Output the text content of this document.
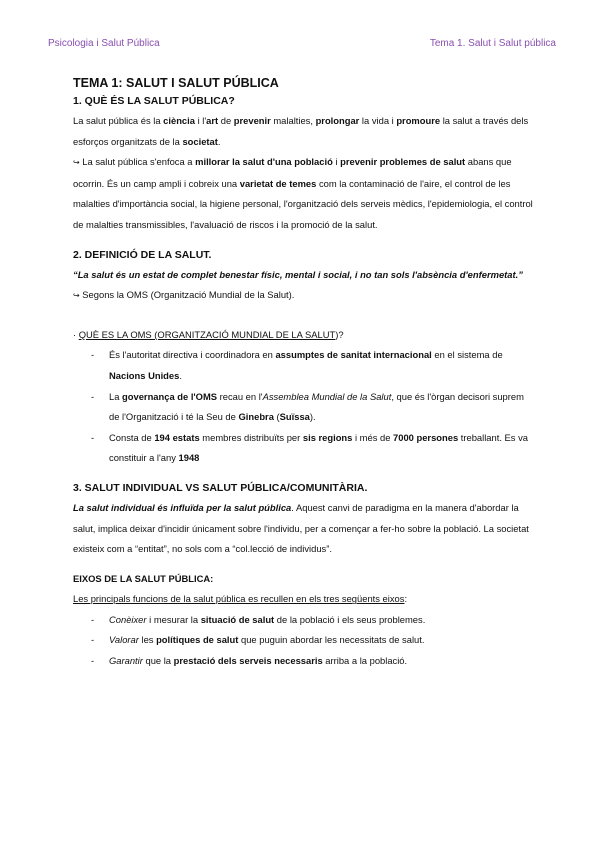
Psicologia i Salut Pública	Tema 1. Salut i Salut pública

TEMA 1: SALUT I SALUT PÚBLICA

1. QUÈ ÉS LA SALUT PÚBLICA?

La salut pública és la ciència i l'art de prevenir malalties, prolongar la vida i promoure la salut a través dels esforços organitzats de la societat.

↪ La salut pública s'enfoca a millorar la salut d'una població i prevenir problemes de salut abans que ocorrin. És un camp ampli i cobreix una varietat de temes com la contaminació de l'aire, el control de les malalties d'importància social, la higiene personal, l'organització dels serveis mèdics, l'epidemiologia, el control de malalties transmissibles, l'avaluació de riscos i la promoció de la salut.

2. DEFINICIÓ DE LA SALUT.

“La salut és un estat de complet benestar físic, mental i social, i no tan sols l'absència d'enfermetat.”

↪ Segons la OMS (Organització Mundial de la Salut).

· QUÈ ES LA OMS (ORGANITZACIÓ MUNDIAL DE LA SALUT)?

- És l'autoritat directiva i coordinadora en assumptes de sanitat internacional en el sistema de Nacions Unides.
- La governança de l'OMS recau en l'Assemblea Mundial de la Salut, que és l'òrgan decisori suprem de l'Organització i té la Seu de Ginebra (Suïssa).
- Consta de 194 estats membres distribuïts per sis regions i més de 7000 persones treballant. Es va constituir a l'any 1948

3. SALUT INDIVIDUAL VS SALUT PÚBLICA/COMUNITÀRIA.

La salut individual és influïda per la salut pública. Aquest canvi de paradigma en la manera d'abordar la salut, implica deixar d'incidir únicament sobre l'individu, per a començar a fer-ho sobre la població. La societat existeix com a “entitat”, no sols com a “col.lecció de individus”.

EIXOS DE LA SALUT PÚBLICA:

Les principals funcions de la salut pública es recullen en els tres següents eixos:

- Conèixer i mesurar la situació de salut de la població i els seus problemes.
- Valorar les polítiques de salut que puguin abordar les necessitats de salut.
- Garantir que la prestació dels serveis necessaris arriba a la població.
